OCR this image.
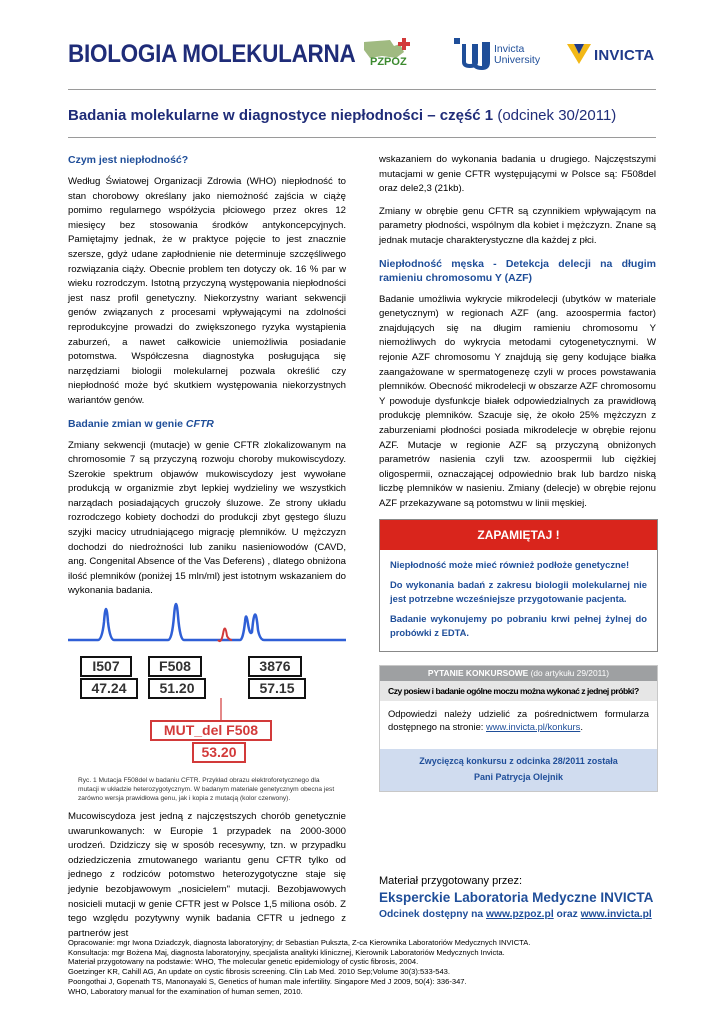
BIOLOGIA MOLEKULARNA PZPOZ
Invicta
University	INVICTA
Badania molekularne w diagnostyce niepłodności – część 1 (odcinek 30/2011)
Czym jest niepłodność?

Według Światowej Organizacji Zdrowia (WHO) niepłodność to stan chorobowy określany jako niemożność zajścia w ciążę pomimo regularnego współżycia płciowego przez okres 12 miesięcy bez stosowania środków antykoncepcyjnych. Pamiętajmy jednak, że w praktyce pojęcie to jest znacznie szersze, gdyż udane zapłodnienie nie determinuje szczęśliwego rozwiązania ciąży. Obecnie problem ten dotyczy ok. 16 % par w wieku rozrodczym. Istotną przyczyną występowania niepłodności jest nasz profil genetyczny. Niekorzystny wariant sekwencji genów związanych z procesami wpływającymi na zdolności reprodukcyjne prowadzi do zwiększonego ryzyka wystąpienia zaburzeń, a nawet całkowicie uniemożliwia posiadanie potomstwa. Współczesna diagnostyka posługująca się narzędziami biologii molekularnej pozwala określić czy niepłodność może być skutkiem występowania niekorzystnych wariantów genów.

Badanie zmian w genie CFTR

Zmiany sekwencji (mutacje) w genie CFTR zlokalizowanym na chromosomie 7 są przyczyną rozwoju choroby mukowiscydozy. Szerokie spektrum objawów mukowiscydozy jest wywołane produkcją w organizmie zbyt lepkiej wydzieliny we wszystkich narządach posiadających gruczoły śluzowe. Ze strony układu rozrodczego kobiety dochodzi do produkcji zbyt gęstego śluzu szyjki macicy utrudniającego migrację plemników. U mężczyzn dochodzi do niedrożności lub zaniku nasieniowodów (CAVD, ang. Congenital Absence of the Vas Deferens) , dlatego obniżona ilość plemników (poniżej 15 mln/ml) jest istotnym wskazaniem do wykonania badania.

I507
47.24
F508
51.20
3876
57.15
MUT_del F508
53.20
Ryc. 1 Mutacja F508del w badaniu CFTR. Przykład obrazu elektroforetycznego dla mutacji w układzie heterozygotycznym. W badanym materiale genetycznym obecna jest zarówno wersja prawidłowa genu, jak i kopia z mutacją (kolor czerwony).

Mucowiscydoza jest jedną z najczęstszych chorób genetycznie uwarunkowanych: w Europie 1 przypadek na 2000-3000 urodzeń. Dzidziczy się w sposób recesywny, tzn. w przypadku odziedziczenia zmutowanego wariantu genu CFTR tylko od jednego z rodziców potomstwo heterozygotyczne staje się jedynie bezobjawowym „nosicielem" mutacji. Bezobjawowych nosicieli mutacji w genie CFTR jest w Polsce 1,5 miliona osób. Z tego względu pozytywny wynik badania CFTR u jednego z partnerów jest

wskazaniem do wykonania badania u drugiego. Najczęstszymi mutacjami w genie CFTR występującymi w Polsce są: F508del oraz dele2,3 (21kb).

Zmiany w obrębie genu CFTR są czynnikiem wpływającym na parametry płodności, wspólnym dla kobiet i mężczyzn. Znane są jednak mutacje charakterystyczne dla każdej z płci.

Niepłodność męska - Detekcja delecji na długim ramieniu chromosomu Y (AZF)

Badanie umożliwia wykrycie mikrodelecji (ubytków w materiale genetycznym) w regionach AZF (ang. azoospermia factor) znajdujących się na długim ramieniu chromosomu Y niemożliwych do wykrycia metodami cytogenetycznymi. W rejonie AZF chromosomu Y znajdują się geny kodujące białka zaangażowane w spermatogenezę czyli w proces powstawania plemników. Obecność mikrodelecji w obszarze AZF chromosomu Y powoduje dysfunkcje białek odpowiedzialnych za prawidłową produkcję plemników. Szacuje się, że około 25% mężczyzn z zaburzeniami płodności posiada mikrodelecje w obrębie rejonu AZF. Mutacje w regionie AZF są przyczyną obniżonych parametrów nasienia czyli tzw. azoospermii lub ciężkiej oligospermii, oznaczającej odpowiednio brak lub bardzo niską liczbę plemników w nasieniu. Zmiany (delecje) w obrębie rejonu AZF przekazywane są potomstwu w linii męskiej.

ZAPAMIĘTAJ !
Niepłodność może mieć również podłoże genetyczne!
Do wykonania badań z zakresu biologii molekularnej nie jest potrzebne wcześniejsze przygotowanie pacjenta.
Badanie wykonujemy po pobraniu krwi pełnej żylnej do probówki z EDTA.
PYTANIE KONKURSOWE (do artykułu 29/2011)
Czy posiew i badanie ogólne moczu można wykonać z jednej próbki?
Odpowiedzi należy udzielić za pośrednictwem formularza dostępnego na stronie: www.invicta.pl/konkurs.
Zwycięzcą konkursu z odcinka 28/2011 została
Pani Patrycja Olejnik
Materiał przygotowany przez:
Eksperckie Laboratoria Medyczne INVICTA
Odcinek dostępny na www.pzpoz.pl oraz www.invicta.pl
Opracowanie: mgr Iwona Dziadczyk, diagnosta laboratoryjny; dr Sebastian Pukszta, Z-ca Kierownika Laboratoriów Medycznych INVICTA.
Konsultacja: mgr Bożena Maj, diagnosta laboratoryjny, specjalista analityki klinicznej, Kierownik Laboratoriów Medycznych Invicta.
Materiał przygotowany na podstawie: WHO, The molecular genetic epidemiology of cystic fibrosis, 2004.
Goetzinger KR, Cahill AG, An update on cystic fibrosis screening. Clin Lab Med. 2010 Sep;Volume 30(3):533-543.
Poongothai J, Gopenath TS, Manonayaki S, Genetics of human male infertility. Singapore Med J 2009, 50(4): 336-347.
WHO, Laboratory manual for the examination of human semen, 2010.
